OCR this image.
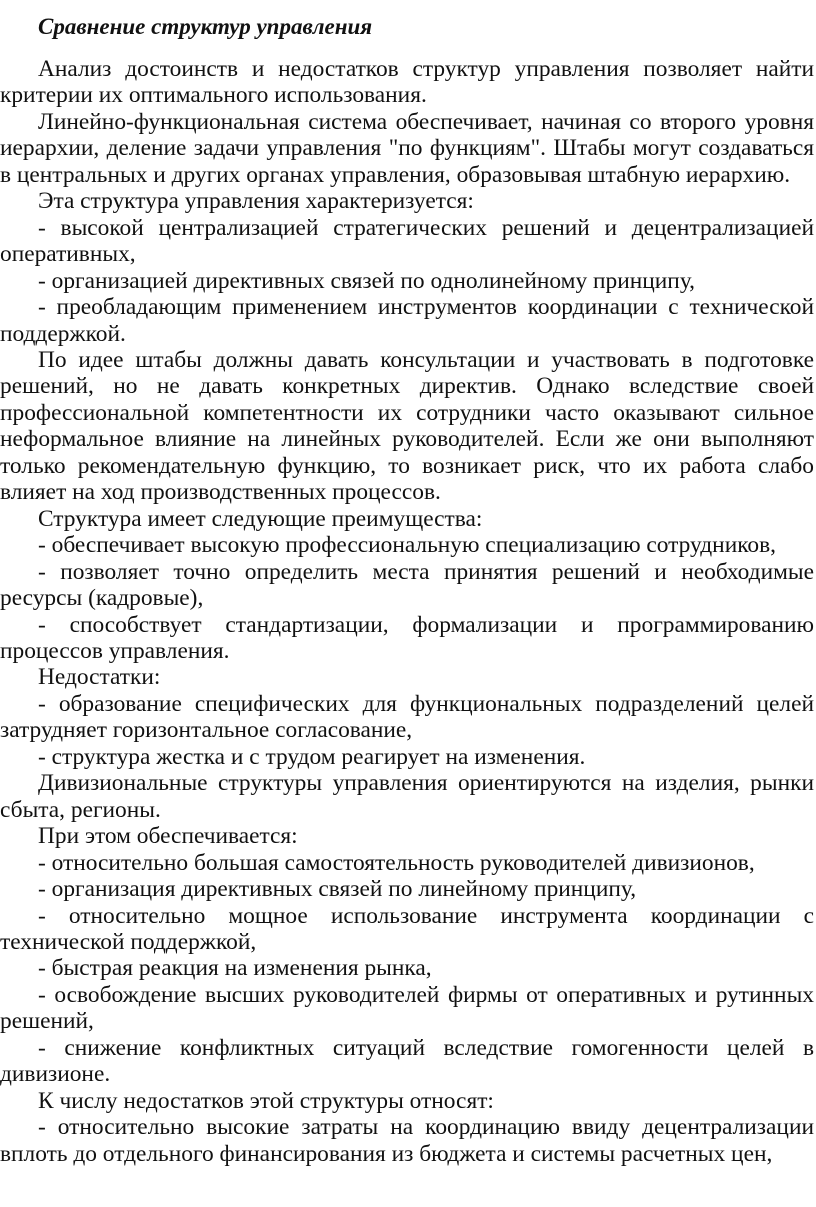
Сравнение структур управления

Анализ достоинств и недостатков структур управления позволяет найти критерии их оптимального использования.

Линейно-функциональная система обеспечивает, начиная со второго уровня иерархии, деление задачи управления "по функциям". Штабы могут создаваться в центральных и других органах управления, образовывая штабную иерархию.

Эта структура управления характеризуется:

- высокой централизацией стратегических решений и децентрализацией оперативных,

- организацией директивных связей по однолинейному принципу,

- преобладающим применением инструментов координации с технической поддержкой.

По идее штабы должны давать консультации и участвовать в подготовке решений, но не давать конкретных директив. Однако вследствие своей профессиональной компетентности их сотрудники часто оказывают сильное неформальное влияние на линейных руководителей. Если же они выполняют только рекомендательную функцию, то возникает риск, что их работа слабо влияет на ход производственных процессов.

Структура имеет следующие преимущества:

- обеспечивает высокую профессиональную специализацию сотрудников,

- позволяет точно определить места принятия решений и необходимые ресурсы (кадровые),

- способствует стандартизации, формализации и программированию процессов управления.

Недостатки:

- образование специфических для функциональных подразделений целей затрудняет горизонтальное согласование,

- структура жестка и с трудом реагирует на изменения.

Дивизиональные структуры управления ориентируются на изделия, рынки сбыта, регионы.

При этом обеспечивается:

- относительно большая самостоятельность руководителей дивизионов,

- организация директивных связей по линейному принципу,

- относительно мощное использование инструмента координации с технической поддержкой,

- быстрая реакция на изменения рынка,

- освобождение высших руководителей фирмы от оперативных и рутинных решений,

- снижение конфликтных ситуаций вследствие гомогенности целей в дивизионе.

К числу недостатков этой структуры относят:

- относительно высокие затраты на координацию ввиду децентрализации вплоть до отдельного финансирования из бюджета и системы расчетных цен,
